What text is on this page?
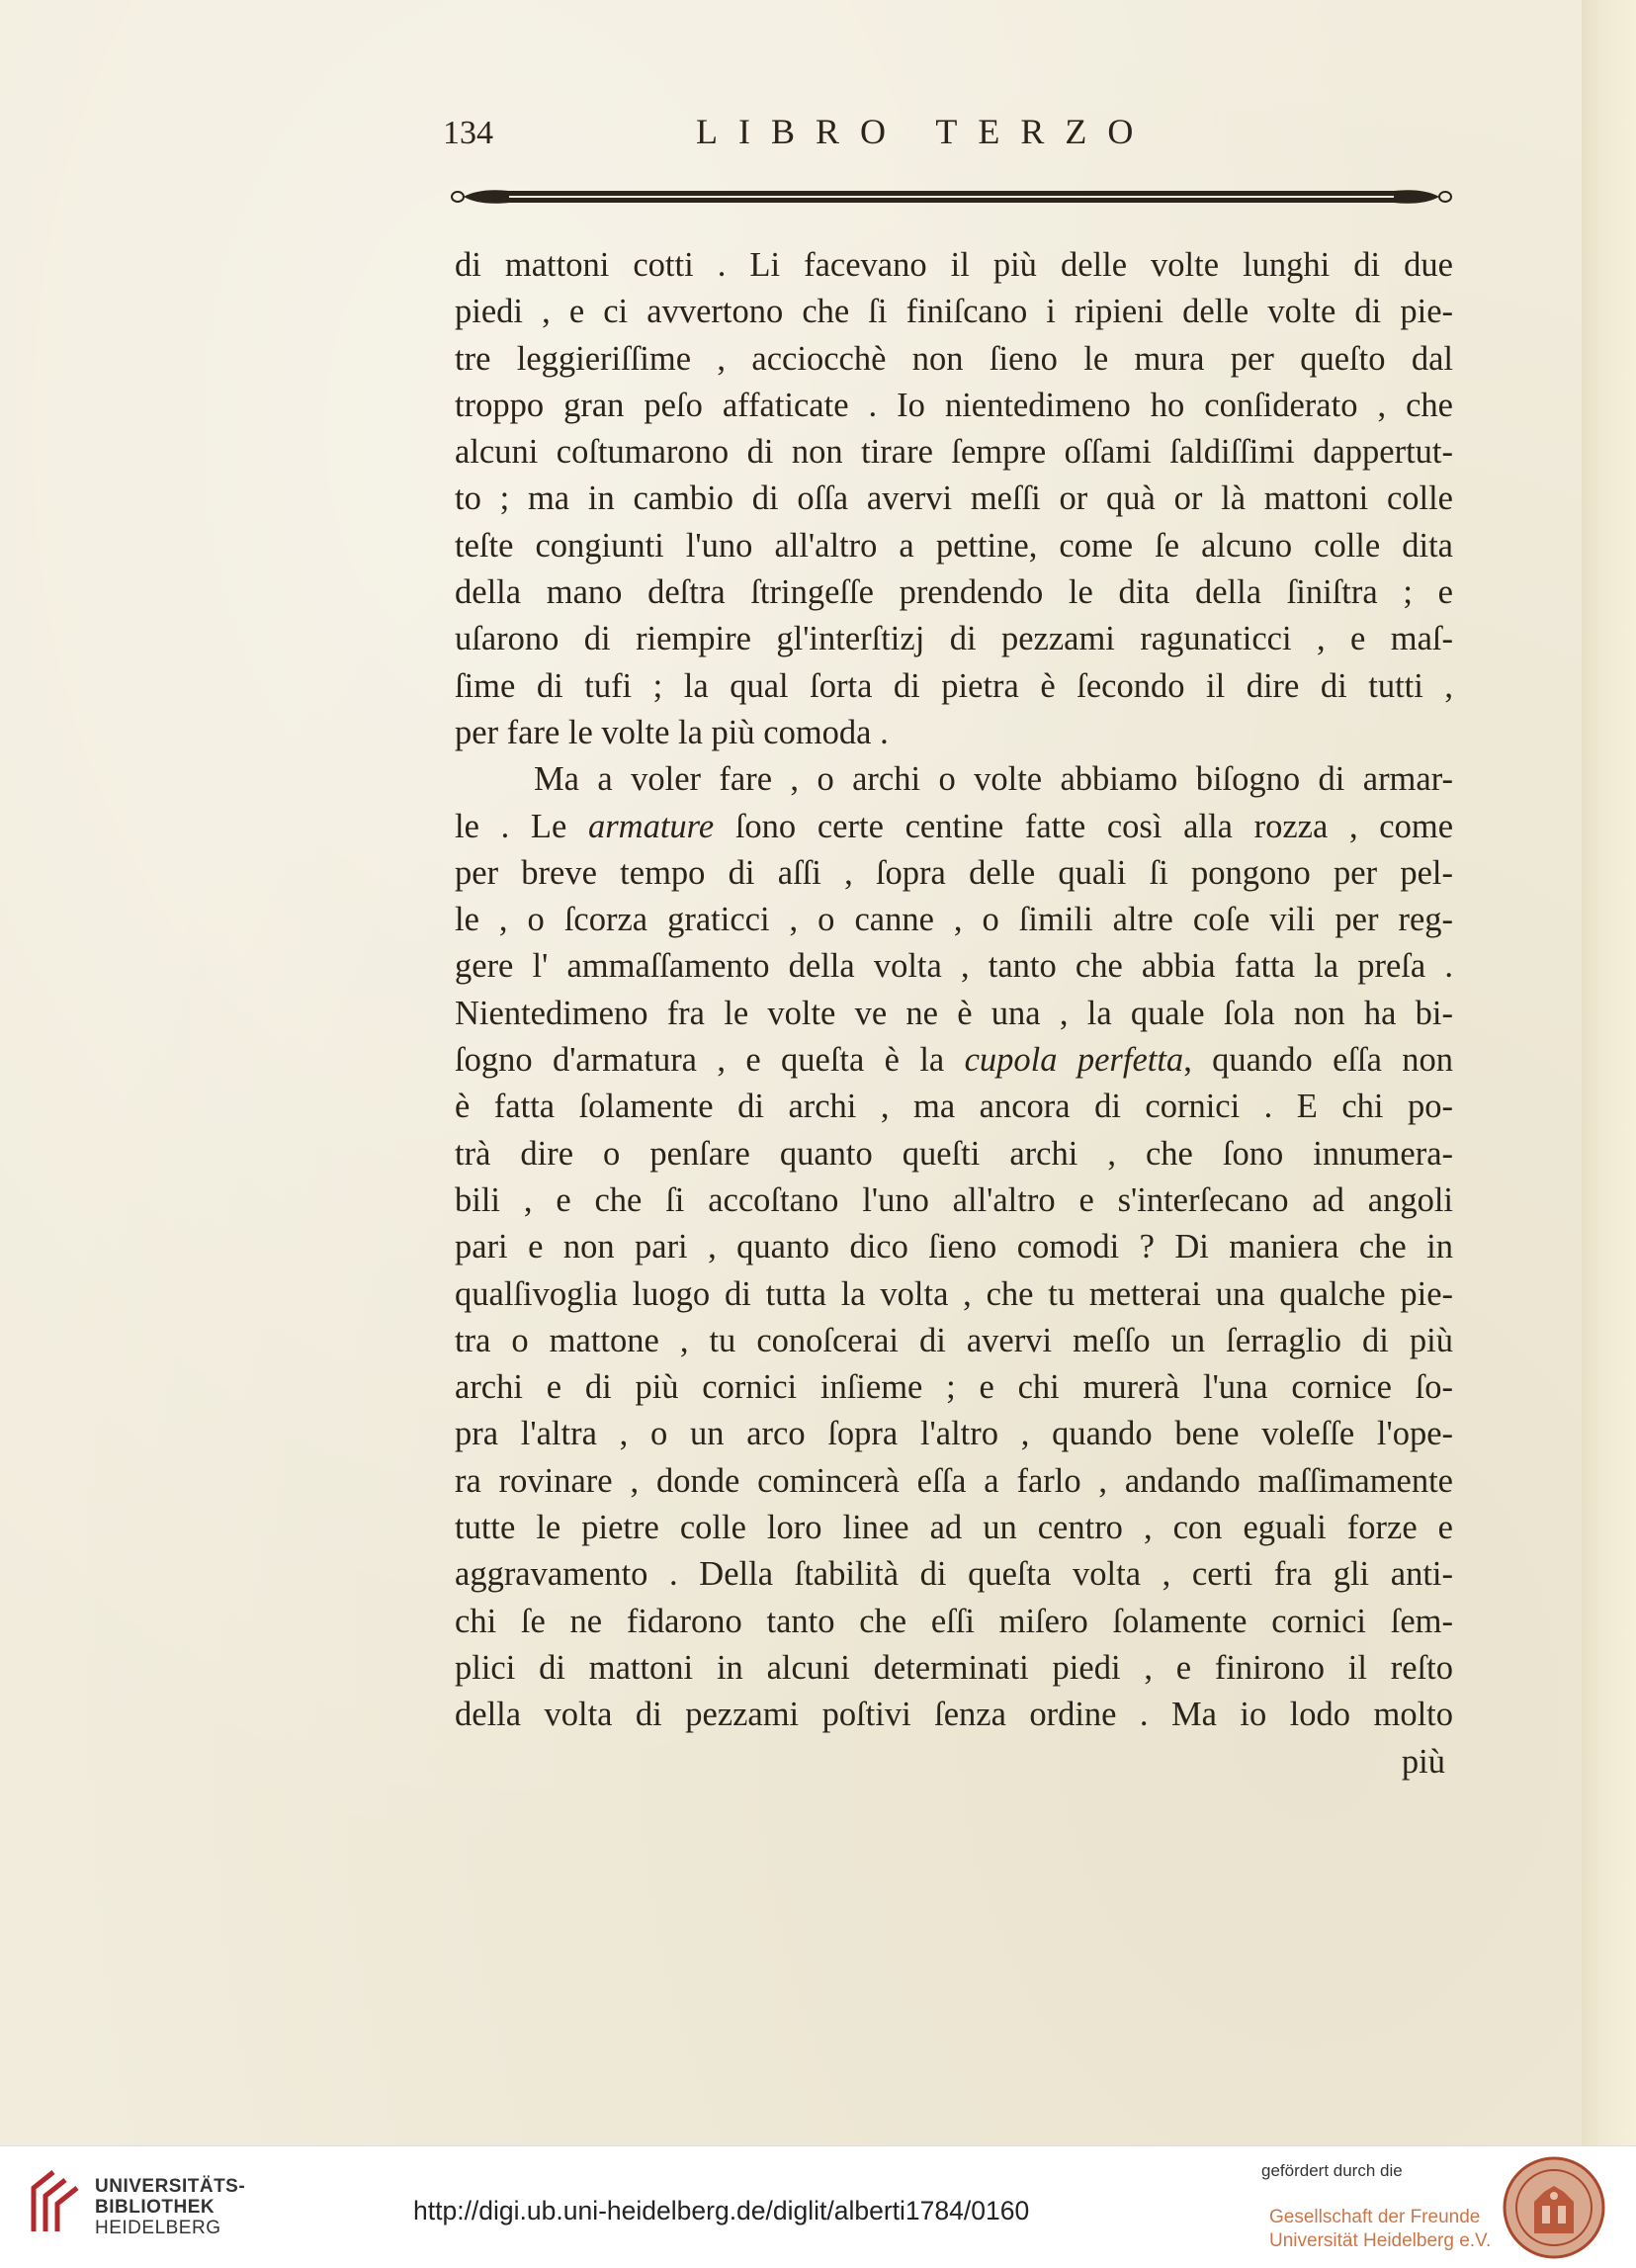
134	LIBRO TERZO

di mattoni cotti . Li facevano il più delle volte lunghi di due
piedi , e ci avvertono che ſi finiſcano i ripieni delle volte di pie-
tre leggieriſſime , acciocchè non ſieno le mura per queſto dal
troppo gran peſo affaticate . Io nientedimeno ho conſiderato , che
alcuni coſtumarono di non tirare ſempre oſſami ſaldiſſimi dappertut-
to ; ma in cambio di oſſa avervi meſſi or quà or là mattoni colle
teſte congiunti l'uno all'altro a pettine, come ſe alcuno colle dita
della mano deſtra ſtringeſſe prendendo le dita della ſiniſtra ; e
uſarono di riempire gl'interſtizj di pezzami ragunaticci , e maſ-
ſime di tufi ; la qual ſorta di pietra è ſecondo il dire di tutti ,
per fare le volte la più comoda .

Ma a voler fare , o archi o volte abbiamo biſogno di armar-
le . Le armature ſono certe centine fatte così alla rozza , come
per breve tempo di aſſi , ſopra delle quali ſi pongono per pel-
le , o ſcorza graticci , o canne , o ſimili altre coſe vili per reg-
gere l' ammaſſamento della volta , tanto che abbia fatta la preſa .
Nientedimeno fra le volte ve ne è una , la quale ſola non ha bi-
ſogno d'armatura , e queſta è la cupola perfetta, quando eſſa non
è fatta ſolamente di archi , ma ancora di cornici . E chi po-
trà dire o penſare quanto queſti archi , che ſono innumera-
bili , e che ſi accoſtano l'uno all'altro e s'interſecano ad angoli
pari e non pari , quanto dico ſieno comodi ? Di maniera che in
qualſivoglia luogo di tutta la volta , che tu metterai una qualche pie-
tra o mattone , tu conoſcerai di avervi meſſo un ſerraglio di più
archi e di più cornici inſieme ; e chi murerà l'una cornice ſo-
pra l'altra , o un arco ſopra l'altro , quando bene voleſſe l'ope-
ra rovinare , donde comincerà eſſa a farlo , andando maſſimamente
tutte le pietre colle loro linee ad un centro , con eguali forze e
aggravamento . Della ſtabilità di queſta volta , certi fra gli anti-
chi ſe ne fidarono tanto che eſſi miſero ſolamente cornici ſem-
plici di mattoni in alcuni determinati piedi , e finirono il reſto
della volta di pezzami poſtivi ſenza ordine . Ma io lodo molto

più
UNIVERSITÄTS-
BIBLIOTHEK
HEIDELBERG
http://digi.ub.uni-heidelberg.de/diglit/alberti1784/0160
gefördert durch die
Gesellschaft der Freunde
Universität Heidelberg e.V.
